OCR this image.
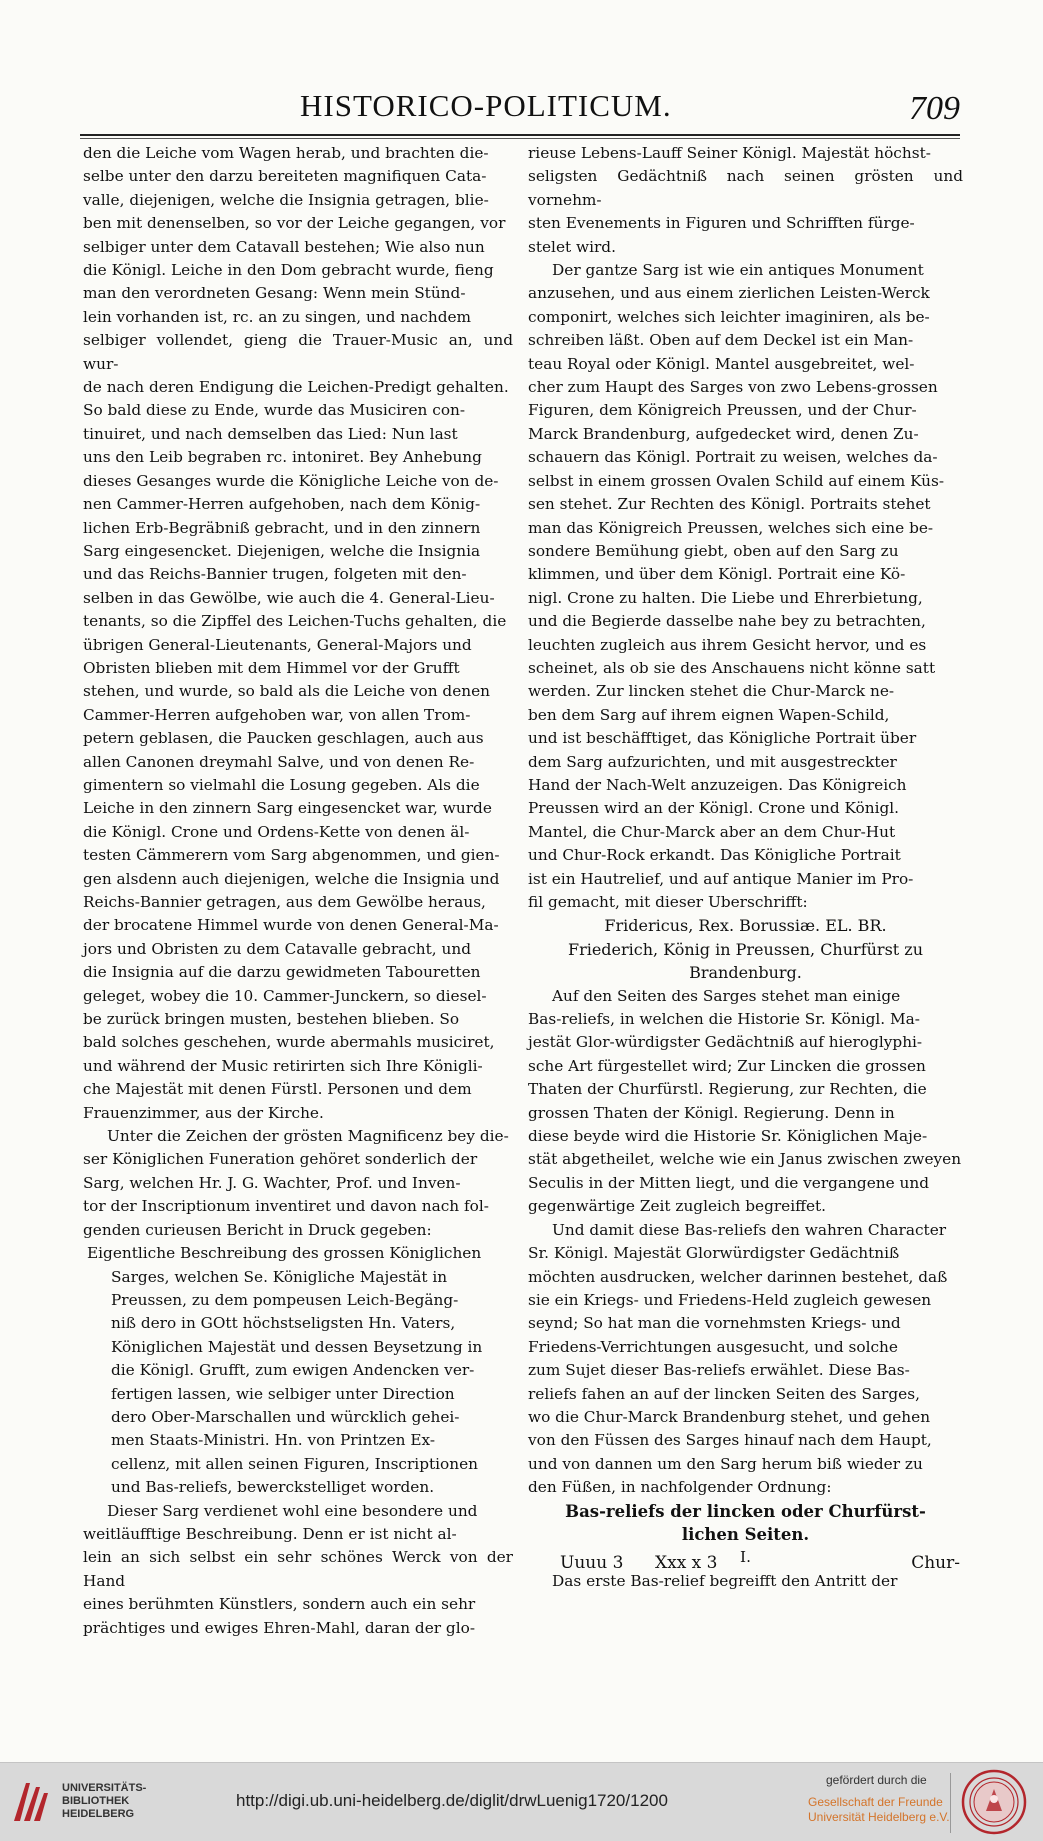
HISTORICO-POLITICUM.	709

den die Leiche vom Wagen herab, und brachten die-

selbe unter den darzu bereiteten magnifiquen Cata-

valle, diejenigen, welche die Insignia getragen, blie-

ben mit denenselben, so vor der Leiche gegangen, vor

selbiger unter dem Catavall bestehen; Wie also nun

die Königl. Leiche in den Dom gebracht wurde, fieng

man den verordneten Gesang: Wenn mein Stünd-

lein vorhanden ist, rc. an zu singen, und nachdem

selbiger vollendet, gieng die Trauer-Music an, und wur-

de nach deren Endigung die Leichen-Predigt gehalten.

So bald diese zu Ende, wurde das Musiciren con-

tinuiret, und nach demselben das Lied: Nun last

uns den Leib begraben rc. intoniret. Bey Anhebung

dieses Gesanges wurde die Königliche Leiche von de-

nen Cammer-Herren aufgehoben, nach dem König-

lichen Erb-Begräbniß gebracht, und in den zinnern

Sarg eingesencket. Diejenigen, welche die Insignia

und das Reichs-Bannier trugen, folgeten mit den-

selben in das Gewölbe, wie auch die 4. General-Lieu-

tenants, so die Zipffel des Leichen-Tuchs gehalten, die

übrigen General-Lieutenants, General-Majors und

Obristen blieben mit dem Himmel vor der Grufft

stehen, und wurde, so bald als die Leiche von denen

Cammer-Herren aufgehoben war, von allen Trom-

petern geblasen, die Paucken geschlagen, auch aus

allen Canonen dreymahl Salve, und von denen Re-

gimentern so vielmahl die Losung gegeben. Als die

Leiche in den zinnern Sarg eingesencket war, wurde

die Königl. Crone und Ordens-Kette von denen äl-

testen Cämmerern vom Sarg abgenommen, und gien-

gen alsdenn auch diejenigen, welche die Insignia und

Reichs-Bannier getragen, aus dem Gewölbe heraus,

der brocatene Himmel wurde von denen General-Ma-

jors und Obristen zu dem Catavalle gebracht, und

die Insignia auf die darzu gewidmeten Tabouretten

geleget, wobey die 10. Cammer-Junckern, so diesel-

be zurück bringen musten, bestehen blieben. So

bald solches geschehen, wurde abermahls musiciret,

und während der Music retirirten sich Ihre Königli-

che Majestät mit denen Fürstl. Personen und dem

Frauenzimmer, aus der Kirche.

Unter die Zeichen der grösten Magnificenz bey die-

ser Königlichen Funeration gehöret sonderlich der

Sarg, welchen Hr. J. G. Wachter, Prof. und Inven-

tor der Inscriptionum inventiret und davon nach fol-

genden curieusen Bericht in Druck gegeben:

Eigentliche Beschreibung des grossen Königlichen

Sarges, welchen Se. Königliche Majestät in

Preussen, zu dem pompeusen Leich-Begäng-

niß dero in GOtt höchstseligsten Hn. Vaters,

Königlichen Majestät und dessen Beysetzung in

die Königl. Grufft, zum ewigen Andencken ver-

fertigen lassen, wie selbiger unter Direction

dero Ober-Marschallen und würcklich gehei-

men Staats-Ministri. Hn. von Printzen Ex-

cellenz, mit allen seinen Figuren, Inscriptionen

und Bas-reliefs, bewerckstelliget worden.

Dieser Sarg verdienet wohl eine besondere und

weitläufftige Beschreibung. Denn er ist nicht al-

lein an sich selbst ein sehr schönes Werck von der Hand

eines berühmten Künstlers, sondern auch ein sehr

prächtiges und ewiges Ehren-Mahl, daran der glo-

rieuse Lebens-Lauff Seiner Königl. Majestät höchst-

seligsten Gedächtniß nach seinen grösten und vornehm-

sten Evenements in Figuren und Schrifften fürge-

stelet wird.

Der gantze Sarg ist wie ein antiques Monument

anzusehen, und aus einem zierlichen Leisten-Werck

componirt, welches sich leichter imaginiren, als be-

schreiben läßt. Oben auf dem Deckel ist ein Man-

teau Royal oder Königl. Mantel ausgebreitet, wel-

cher zum Haupt des Sarges von zwo Lebens-grossen

Figuren, dem Königreich Preussen, und der Chur-

Marck Brandenburg, aufgedecket wird, denen Zu-

schauern das Königl. Portrait zu weisen, welches da-

selbst in einem grossen Ovalen Schild auf einem Küs-

sen stehet. Zur Rechten des Königl. Portraits stehet

man das Königreich Preussen, welches sich eine be-

sondere Bemühung giebt, oben auf den Sarg zu

klimmen, und über dem Königl. Portrait eine Kö-

nigl. Crone zu halten. Die Liebe und Ehrerbietung,

und die Begierde dasselbe nahe bey zu betrachten,

leuchten zugleich aus ihrem Gesicht hervor, und es

scheinet, als ob sie des Anschauens nicht könne satt

werden. Zur lincken stehet die Chur-Marck ne-

ben dem Sarg auf ihrem eignen Wapen-Schild,

und ist beschäfftiget, das Königliche Portrait über

dem Sarg aufzurichten, und mit ausgestreckter

Hand der Nach-Welt anzuzeigen. Das Königreich

Preussen wird an der Königl. Crone und Königl.

Mantel, die Chur-Marck aber an dem Chur-Hut

und Chur-Rock erkandt. Das Königliche Portrait

ist ein Hautrelief, und auf antique Manier im Pro-

fil gemacht, mit dieser Uberschrifft:

Fridericus, Rex. Borussiæ. EL. BR.

Friederich, König in Preussen, Churfürst zu

Brandenburg.

Auf den Seiten des Sarges stehet man einige

Bas-reliefs, in welchen die Historie Sr. Königl. Ma-

jestät Glor-würdigster Gedächtniß auf hieroglyphi-

sche Art fürgestellet wird; Zur Lincken die grossen

Thaten der Churfürstl. Regierung, zur Rechten, die

grossen Thaten der Königl. Regierung. Denn in

diese beyde wird die Historie Sr. Königlichen Maje-

stät abgetheilet, welche wie ein Janus zwischen zweyen

Seculis in der Mitten liegt, und die vergangene und

gegenwärtige Zeit zugleich begreiffet.

Und damit diese Bas-reliefs den wahren Character

Sr. Königl. Majestät Glorwürdigster Gedächtniß

möchten ausdrucken, welcher darinnen bestehet, daß

sie ein Kriegs- und Friedens-Held zugleich gewesen

seynd; So hat man die vornehmsten Kriegs- und

Friedens-Verrichtungen ausgesucht, und solche

zum Sujet dieser Bas-reliefs erwählet. Diese Bas-

reliefs fahen an auf der lincken Seiten des Sarges,

wo die Chur-Marck Brandenburg stehet, und gehen

von den Füssen des Sarges hinauf nach dem Haupt,

und von dannen um den Sarg herum biß wieder zu

den Füßen, in nachfolgender Ordnung:

Bas-reliefs der lincken oder Churfürst-

lichen Seiten.

I.

Das erste Bas-relief begreifft den Antritt der

Uuuu 3 Xxx x 3	Chur-
UNIVERSITÄTS-
BIBLIOTHEK
HEIDELBERG
http://digi.ub.uni-heidelberg.de/diglit/drwLuenig1720/1200
gefördert durch die
Gesellschaft der Freunde
Universität Heidelberg e.V.
